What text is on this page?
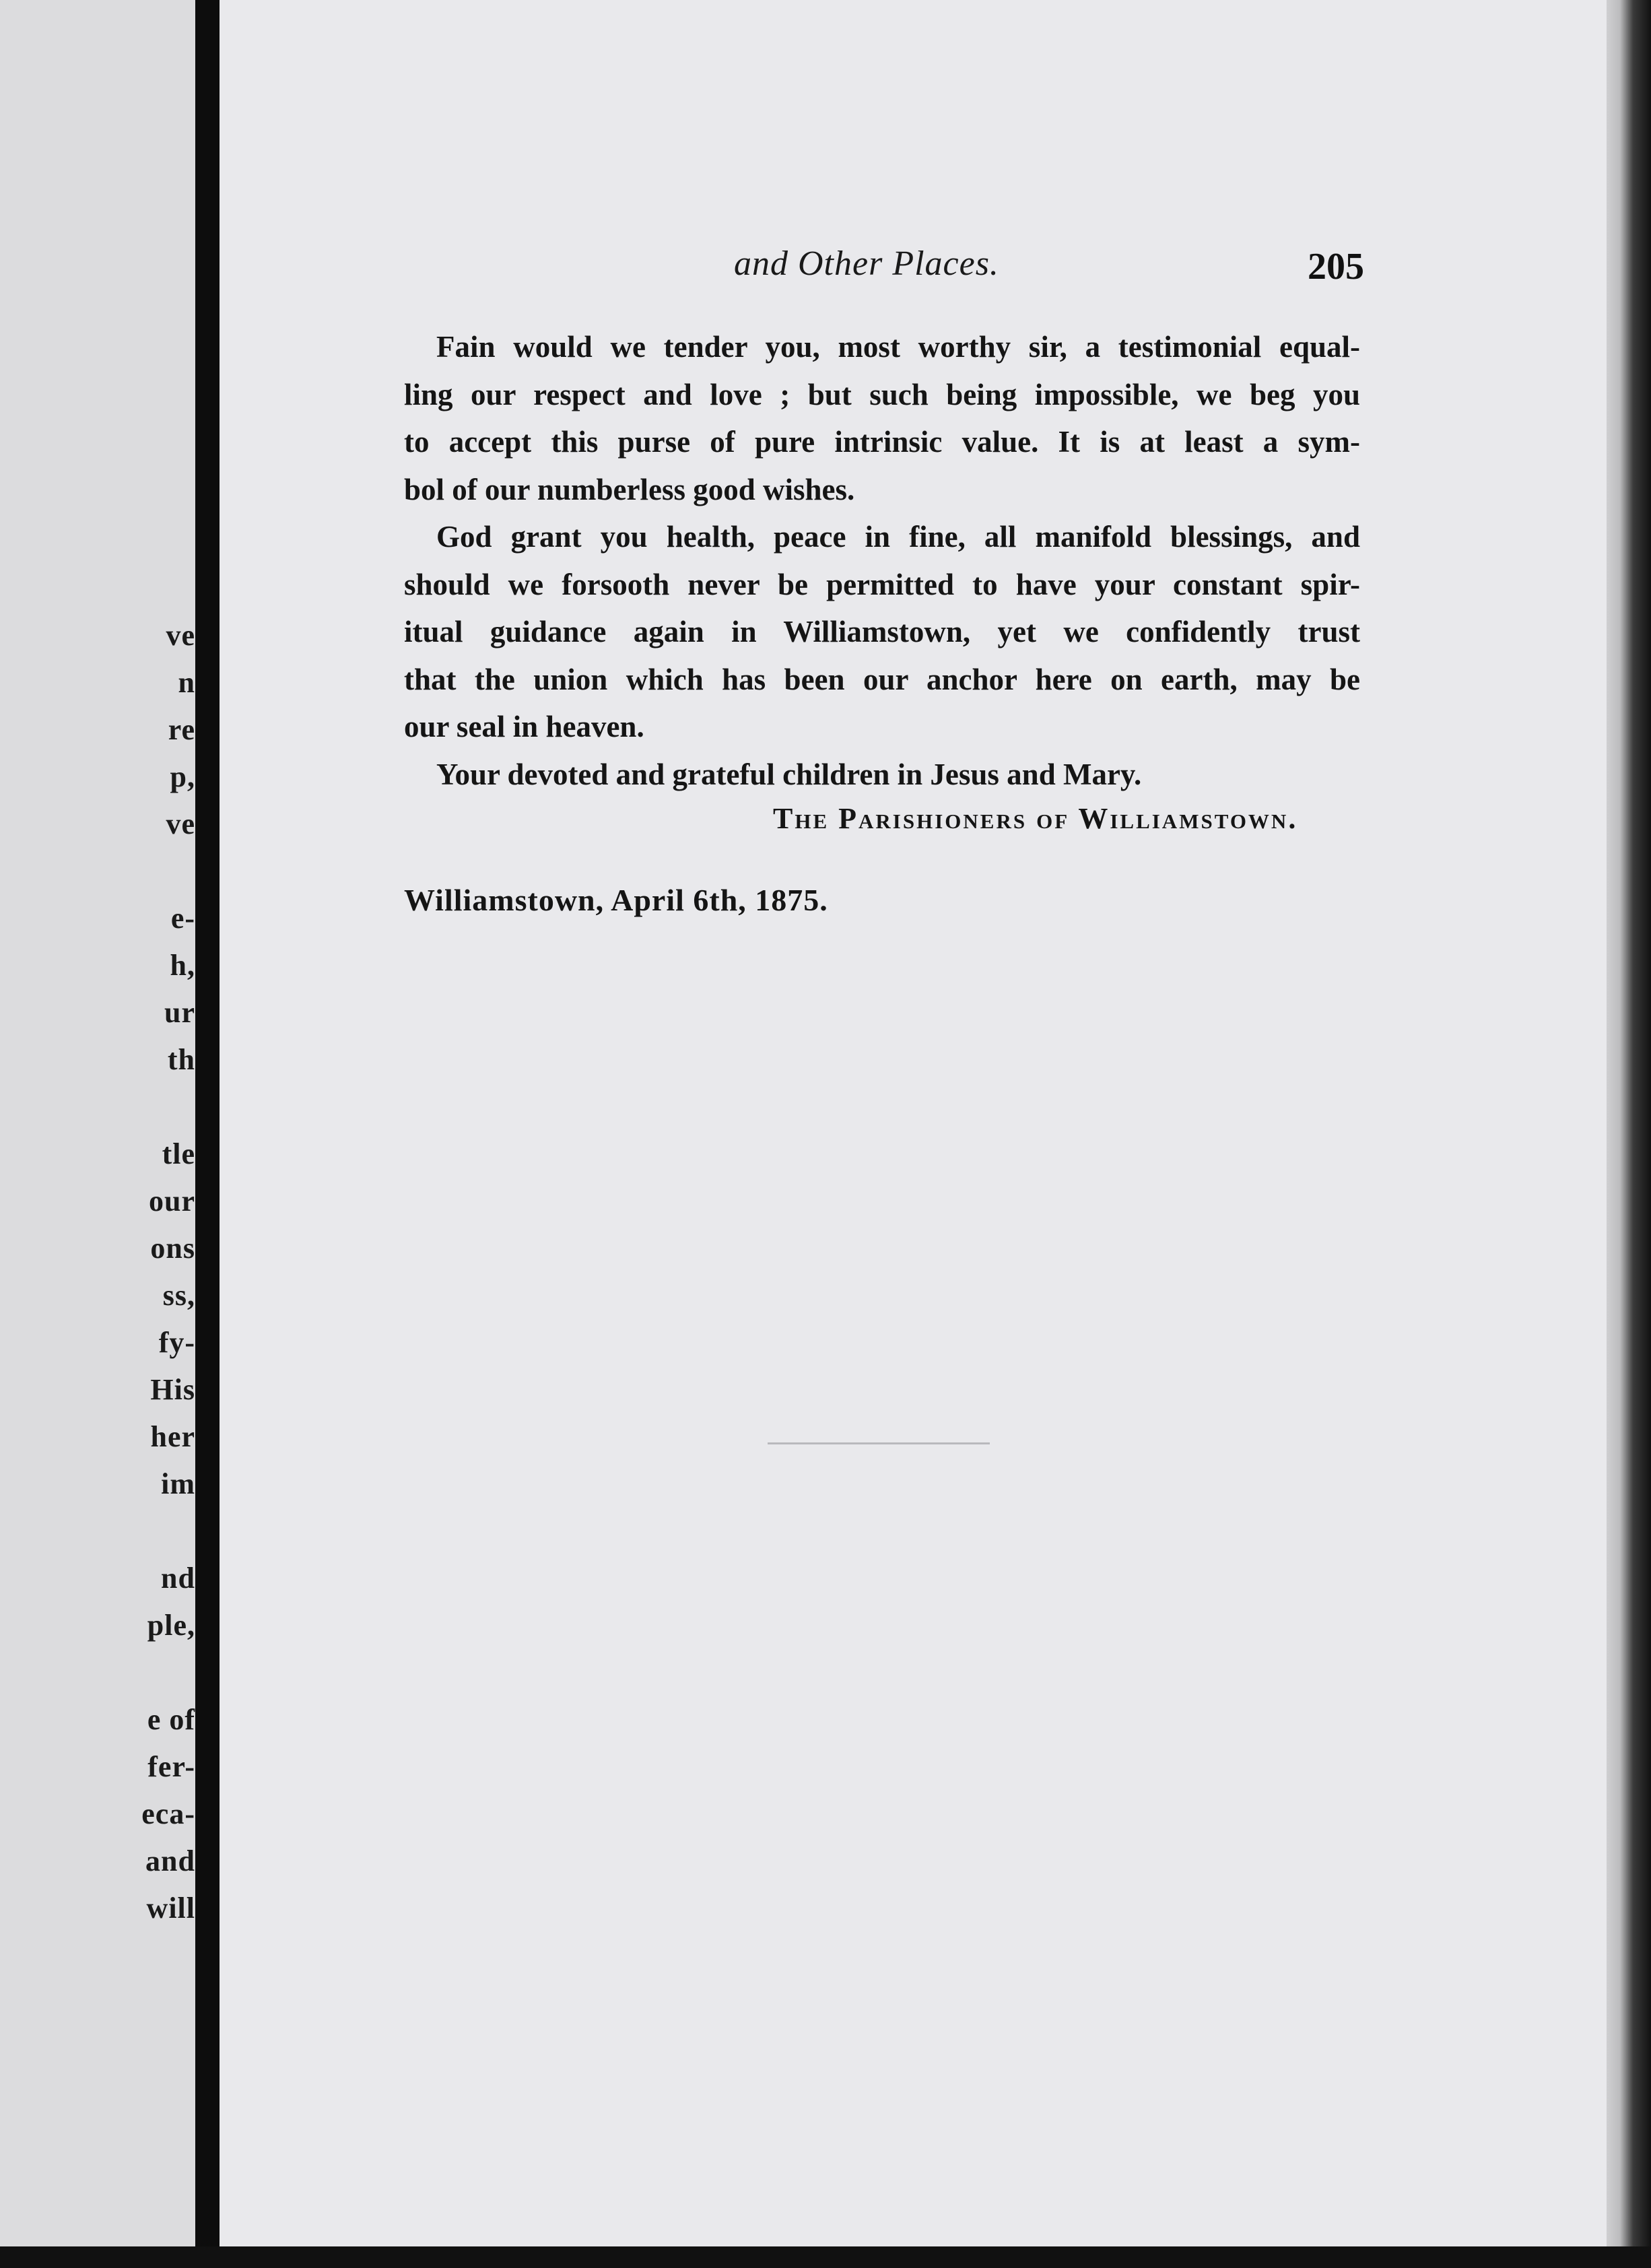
ve
n
re
p,
ve
e-
h,
ur
th
tle
our
ons
ss,
fy-
His
her
im
nd
ple,
e of
fer-
eca-
and
will
and Other Places.	205

Fain would we tender you, most worthy sir, a testimonial equal-

ling our respect and love ; but such being impossible, we beg you

to accept this purse of pure intrinsic value. It is at least a sym-

bol of our numberless good wishes.

God grant you health, peace in fine, all manifold blessings, and

should we forsooth never be permitted to have your constant spir-

itual guidance again in Williamstown, yet we confidently trust

that the union which has been our anchor here on earth, may be

our seal in heaven.

Your devoted and grateful children in Jesus and Mary.

The Parishioners of Williamstown.
Williamstown, April 6th, 1875.
